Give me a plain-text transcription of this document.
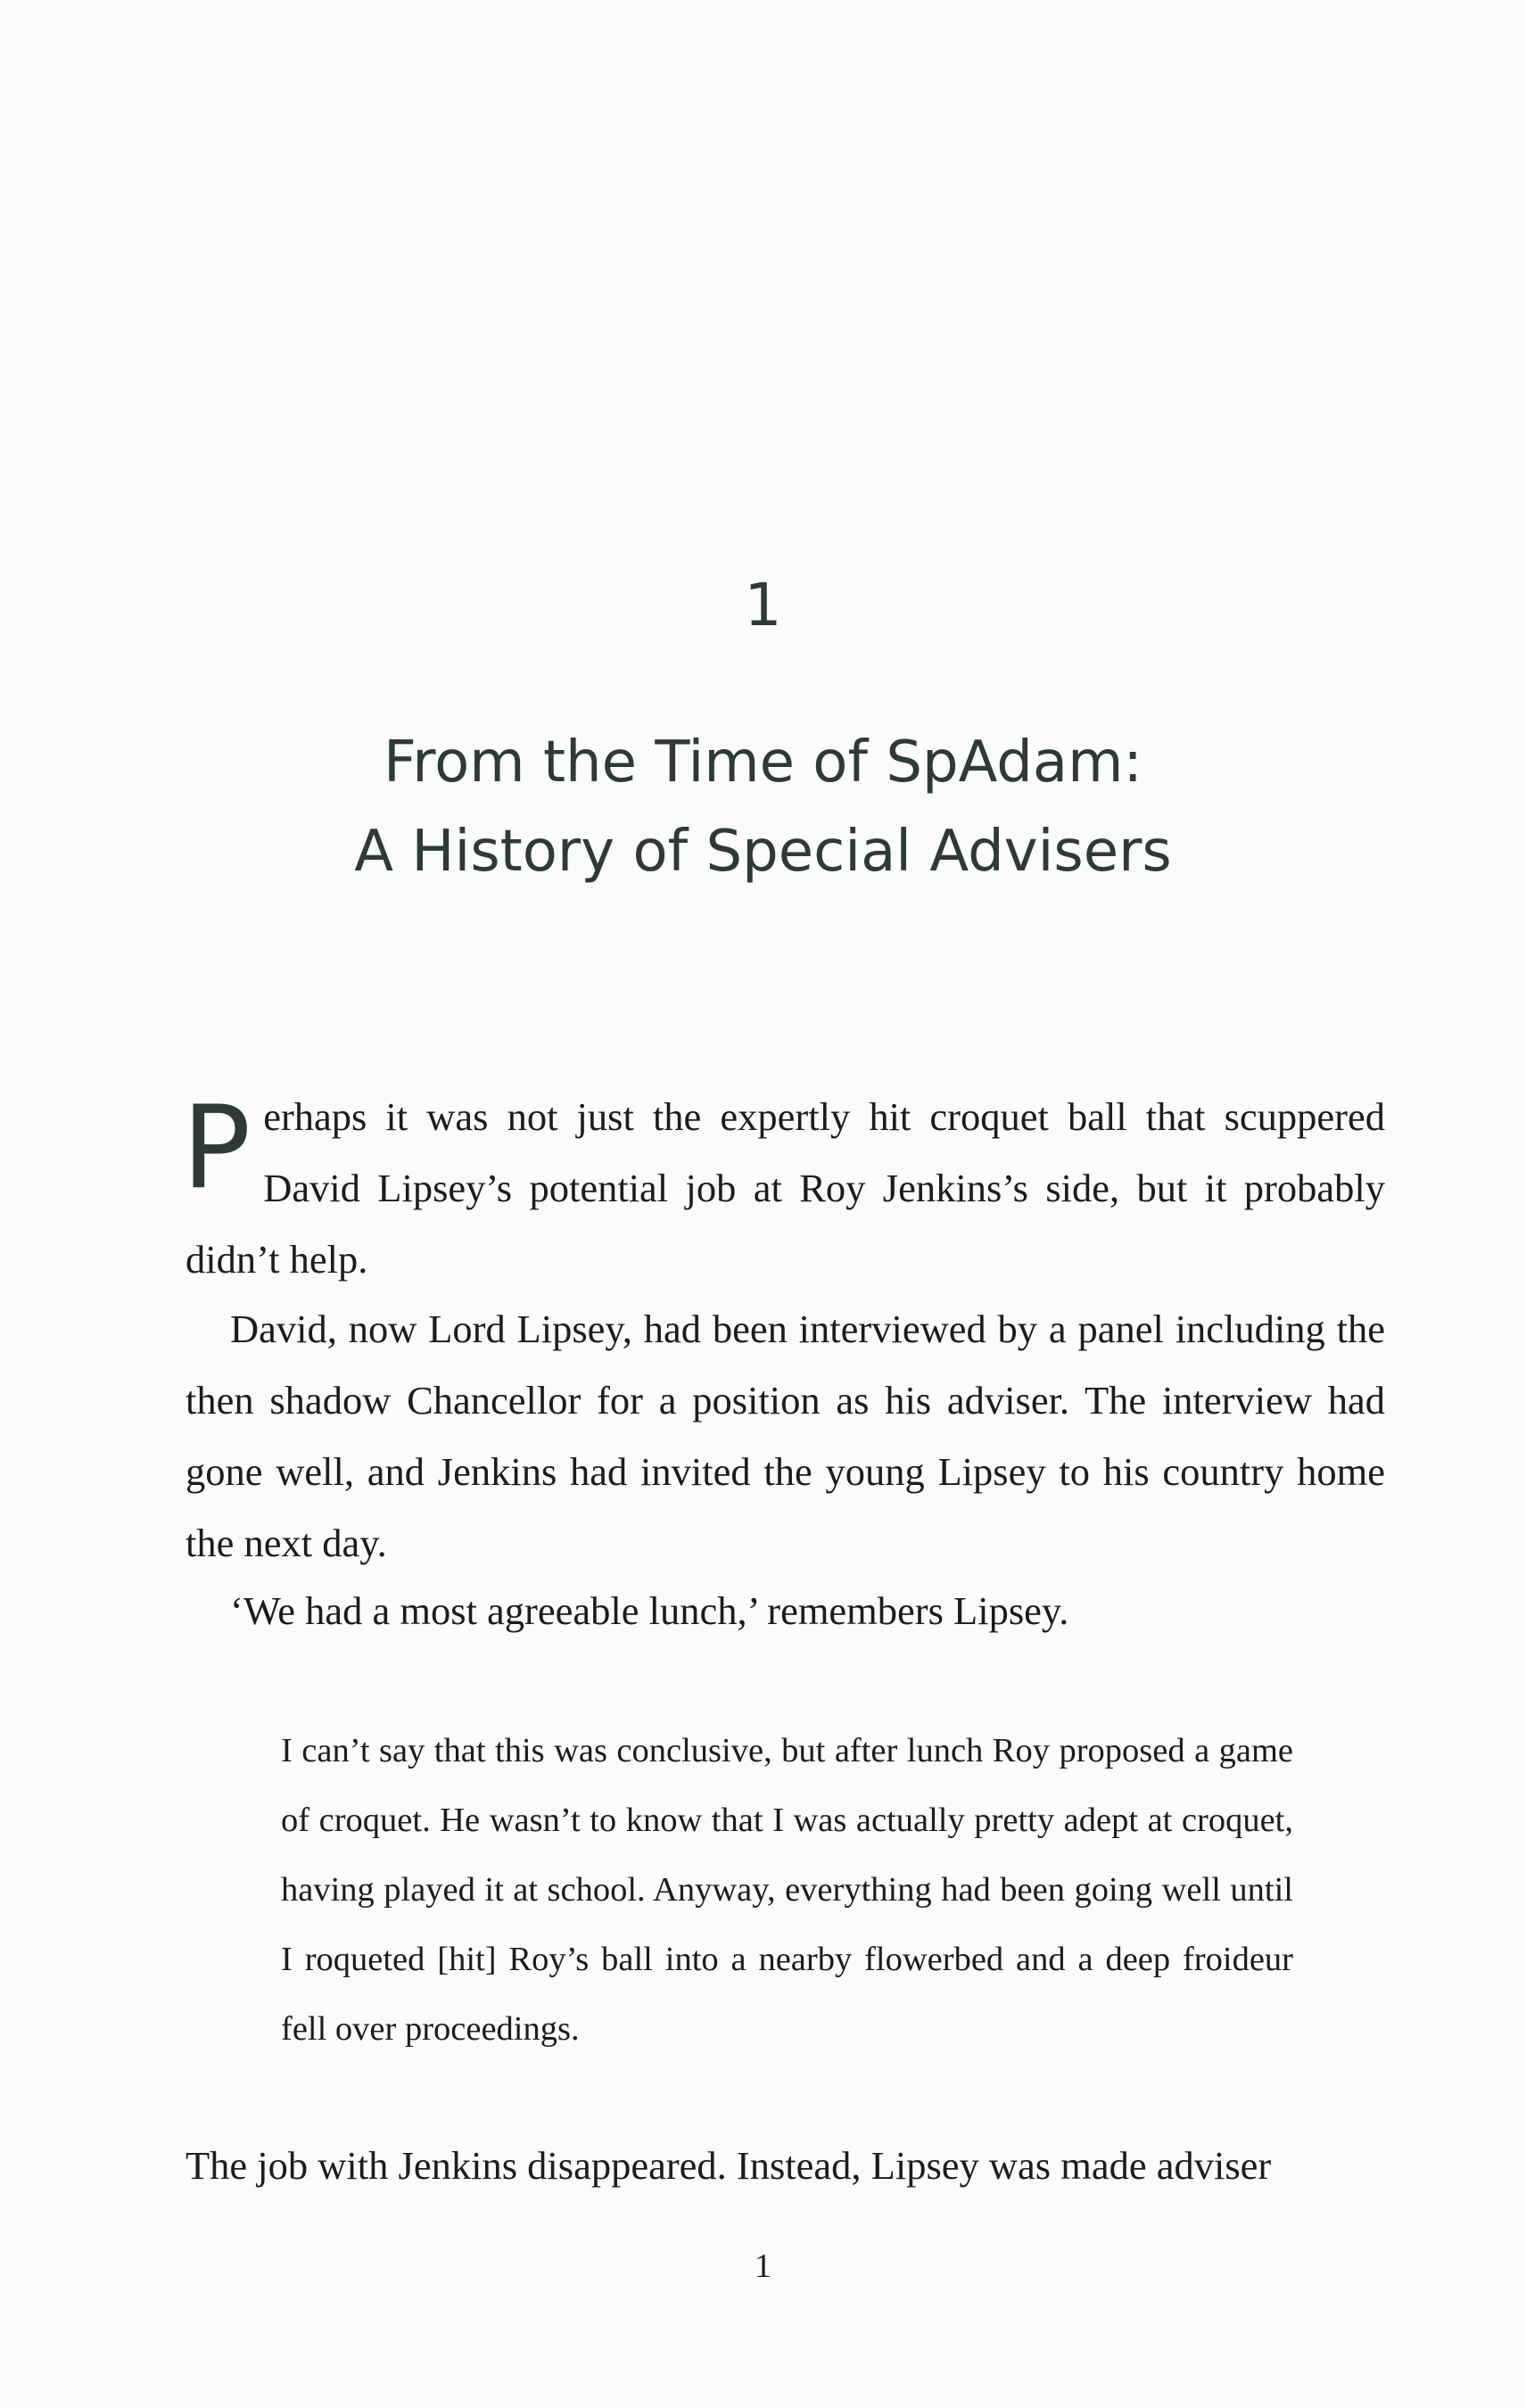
1
From the Time of SpAdam:
A History of Special Advisers

P erhaps it was not just the expertly hit croquet ball that scuppered David Lipsey’s potential job at Roy Jenkins’s side, but it probably didn’t help.

David, now Lord Lipsey, had been interviewed by a panel including the then shadow Chancellor for a position as his adviser. The interview had gone well, and Jenkins had invited the young Lipsey to his country home the next day.

‘We had a most agreeable lunch,’ remembers Lipsey.

I can’t say that this was conclusive, but after lunch Roy proposed a game of croquet. He wasn’t to know that I was actually pretty adept at croquet, having played it at school. Anyway, everything had been going well until I roqueted [hit] Roy’s ball into a nearby flowerbed and a deep froideur fell over proceedings.

The job with Jenkins disappeared. Instead, Lipsey was made adviser

1
